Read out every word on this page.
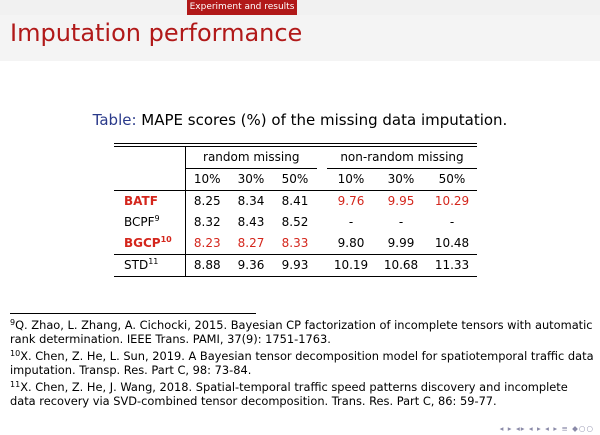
Experiment and results
Imputation performance
Table: MAPE scores (%) of the missing data imputation.
	random missing				non-random missing		
	10%	30%	50%		10%	30%	50%
BATF	8.25	8.34	8.41		9.76	9.95	10.29
BCPF$^9$	8.32	8.43	8.52		-	-	-
BGCP$^{10}$	8.23	8.27	8.33		9.80	9.99	10.48
STD$^{11}$	8.88	9.36	9.93		10.19	10.68	11.33
$^9$Q. Zhao, L. Zhang, A. Cichocki, 2015. Bayesian CP factorization of incomplete tensors with automatic rank determination. IEEE Trans. PAMI, 37(9): 1751-1763.
$^{10}$X. Chen, Z. He, L. Sun, 2019. A Bayesian tensor decomposition model for spatiotemporal traffic data imputation. Transp. Res. Part C, 98: 73-84.
$^{11}$X. Chen, Z. He, J. Wang, 2018. Spatial-temporal traffic speed patterns discovery and incomplete data recovery via SVD-combined tensor decomposition. Trans. Res. Part C, 86: 59-77.
◂ ▸ ◂▸ ◂ ▸ ◂ ▸ ≡ ◆○○
